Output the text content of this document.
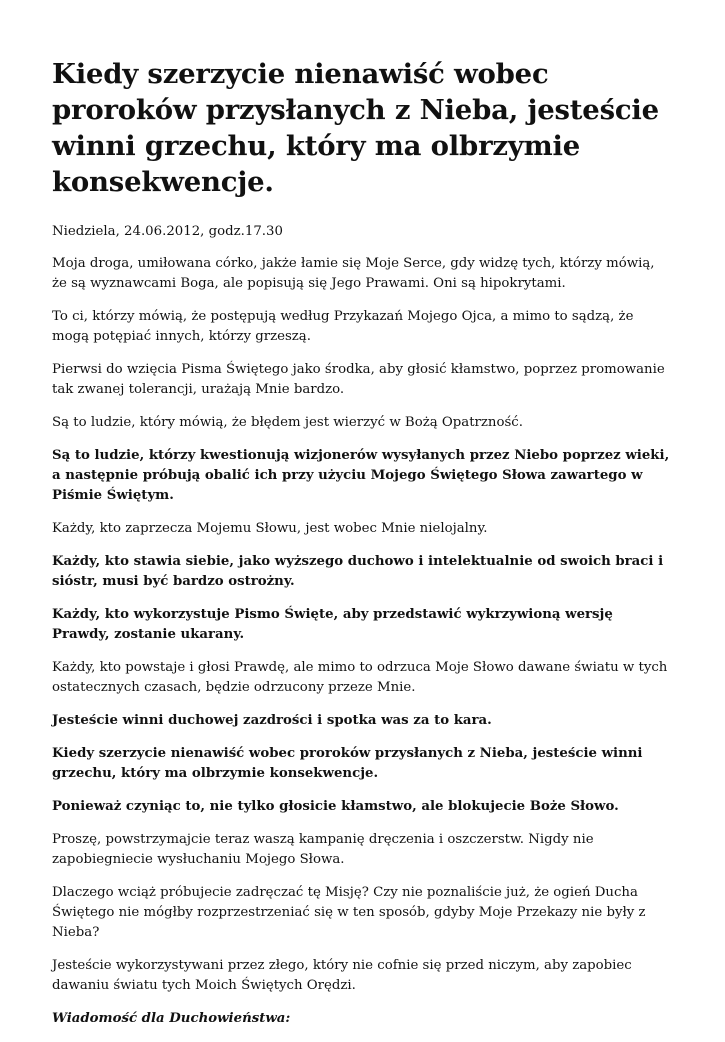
Kiedy szerzycie nienawiść wobec proroków przysłanych z Nieba, jesteście winni grzechu, który ma olbrzymie konsekwencje.
Niedziela, 24.06.2012, godz.17.30

Moja droga, umiłowana córko, jakże łamie się Moje Serce, gdy widzę tych, którzy mówią, że są wyznawcami Boga, ale popisują się Jego Prawami. Oni są hipokrytami.

To ci, którzy mówią, że postępują według Przykazań Mojego Ojca, a mimo to sądzą, że mogą potępiać innych, którzy grzeszą.

Pierwsi do wzięcia Pisma Świętego jako środka, aby głosić kłamstwo, poprzez promowanie tak zwanej tolerancji, urażają Mnie bardzo.

Są to ludzie, który mówią, że błędem jest wierzyć w Bożą Opatrzność.

Są to ludzie, którzy kwestionują wizjonerów wysyłanych przez Niebo poprzez wieki, a następnie próbują obalić ich przy użyciu Mojego Świętego Słowa zawartego w Piśmie Świętym.

Każdy, kto zaprzecza Mojemu Słowu, jest wobec Mnie nielojalny.

Każdy, kto stawia siebie, jako wyższego duchowo i intelektualnie od swoich braci i sióstr, musi być bardzo ostrożny.

Każdy, kto wykorzystuje Pismo Święte, aby przedstawić wykrzywioną wersję Prawdy, zostanie ukarany.

Każdy, kto powstaje i głosi Prawdę, ale mimo to odrzuca Moje Słowo dawane światu w tych ostatecznych czasach, będzie odrzucony przeze Mnie.

Jesteście winni duchowej zazdrości i spotka was za to kara.

Kiedy szerzycie nienawiść wobec proroków przysłanych z Nieba, jesteście winni grzechu, który ma olbrzymie konsekwencje.

Ponieważ czyniąc to, nie tylko głosicie kłamstwo, ale blokujecie Boże Słowo.

Proszę, powstrzymajcie teraz waszą kampanię dręczenia i oszczerstw. Nigdy nie zapobiegniecie wysłuchaniu Mojego Słowa.

Dlaczego wciąż próbujecie zadręczać tę Misję? Czy nie poznaliście już, że ogień Ducha Świętego nie mógłby rozprzestrzeniać się w ten sposób, gdyby Moje Przekazy nie były z Nieba?

Jesteście wykorzystywani przez złego, który nie cofnie się przed niczym, aby zapobiec dawaniu światu tych Moich Świętych Orędzi.

Wiadomość dla Duchowieństwa:
